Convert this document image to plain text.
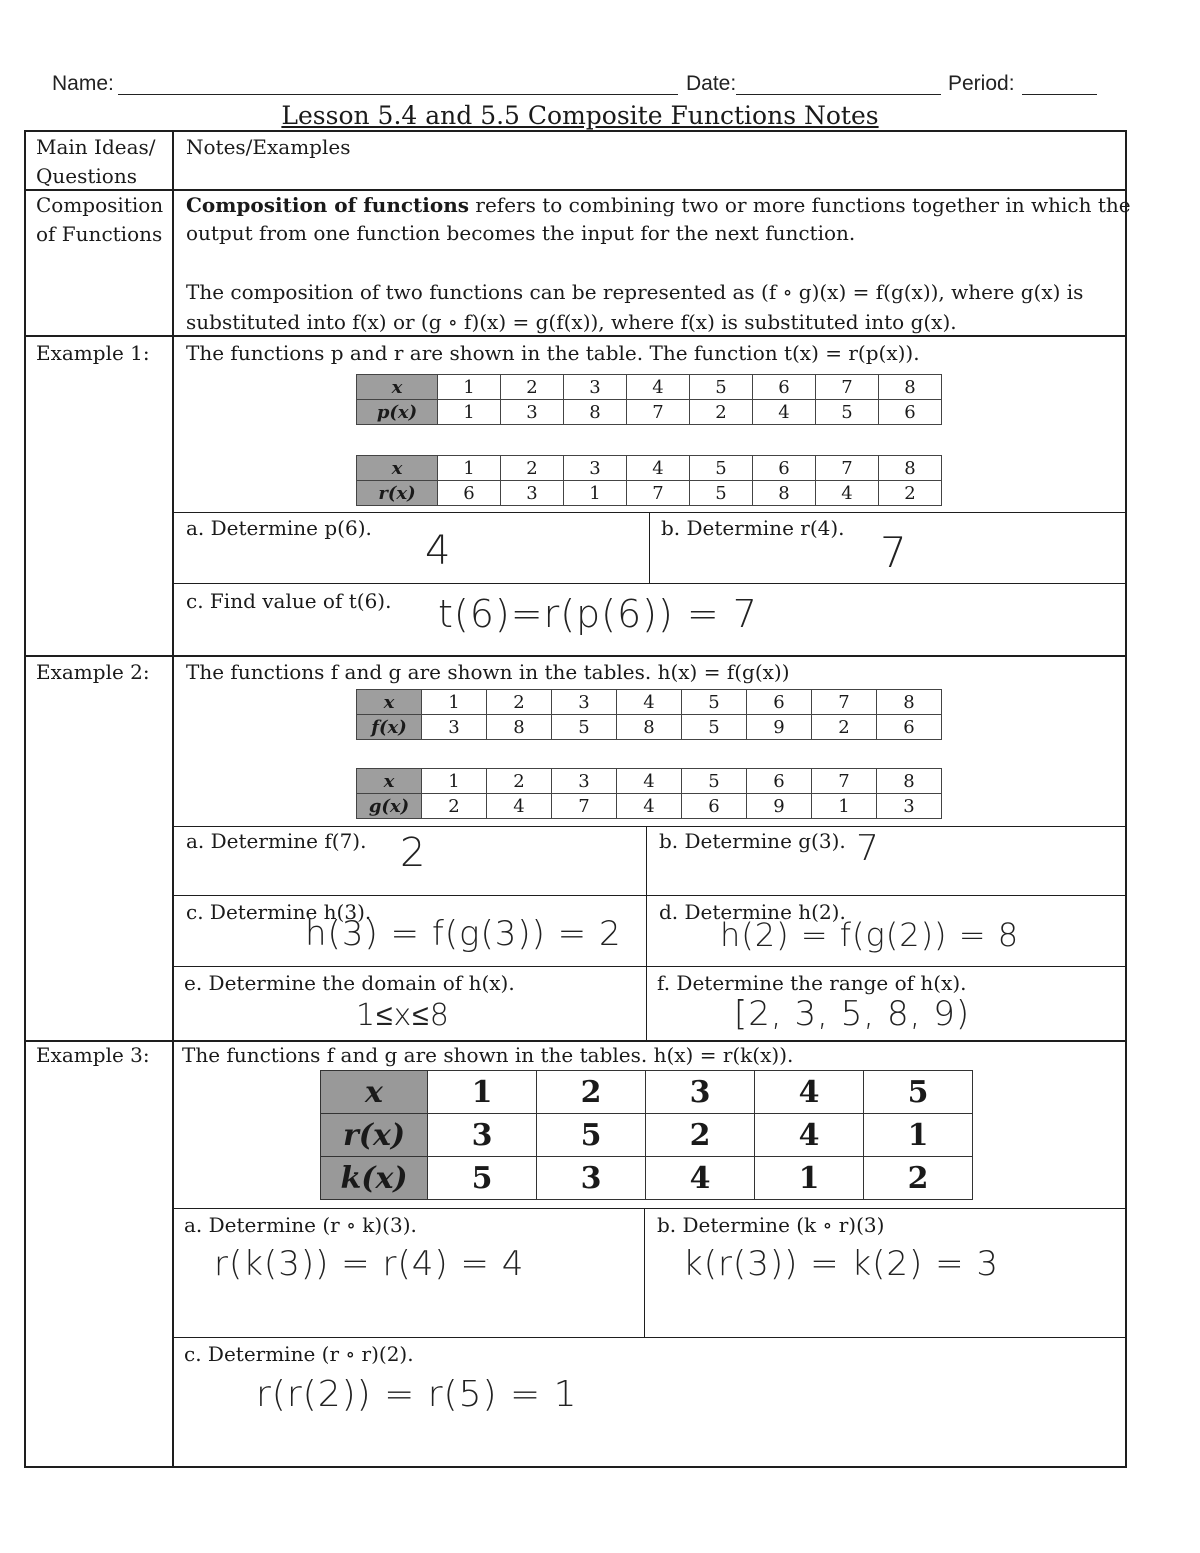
Name:	Date:	Period:
Lesson 5.4 and 5.5 Composite Functions Notes
Main Ideas/
Questions
Notes/Examples
Composition
of Functions
Composition of functions refers to combining two or more functions together in which the
output from one function becomes the input for the next function.
The composition of two functions can be represented as (f ∘ g)(x) = f(g(x)), where g(x) is
substituted into f(x) or (g ∘ f)(x) = g(f(x)), where f(x) is substituted into g(x).
Example 1: The functions p and r are shown in the table. The function t(x) = r(p(x)).
x	1	2	3	4	5	6	7	8
p(x)	1	3	8	7	2	4	5	6
x	1	2	3	4	5	6	7	8
r(x)	6	3	1	7	5	8	4	2
a. Determine p(6). 4	b. Determine r(4). 7
c. Find value of t(6). t(6)=r(p(6)) = 7
Example 2: The functions f and g are shown in the tables. h(x) = f(g(x))
x	1	2	3	4	5	6	7	8
f(x)	3	8	5	8	5	9	2	6
x	1	2	3	4	5	6	7	8
g(x)	2	4	7	4	6	9	1	3
a. Determine f(7). 2	b. Determine g(3). 7
c. Determine h(3).
h(3) = f(g(3)) = 2
d. Determine h(2).
h(2) = f(g(2)) = 8
e. Determine the domain of h(x).
1≤x≤8
f. Determine the range of h(x).
[2, 3, 5, 8, 9)
Example 3: The functions f and g are shown in the tables. h(x) = r(k(x)).
x	1	2	3	4	5
r(x)	3	5	2	4	1
k(x)	5	3	4	1	2
a. Determine (r ∘ k)(3).
r(k(3)) = r(4) = 4
b. Determine (k ∘ r)(3)
k(r(3)) = k(2) = 3
c. Determine (r ∘ r)(2).
r(r(2)) = r(5) = 1
